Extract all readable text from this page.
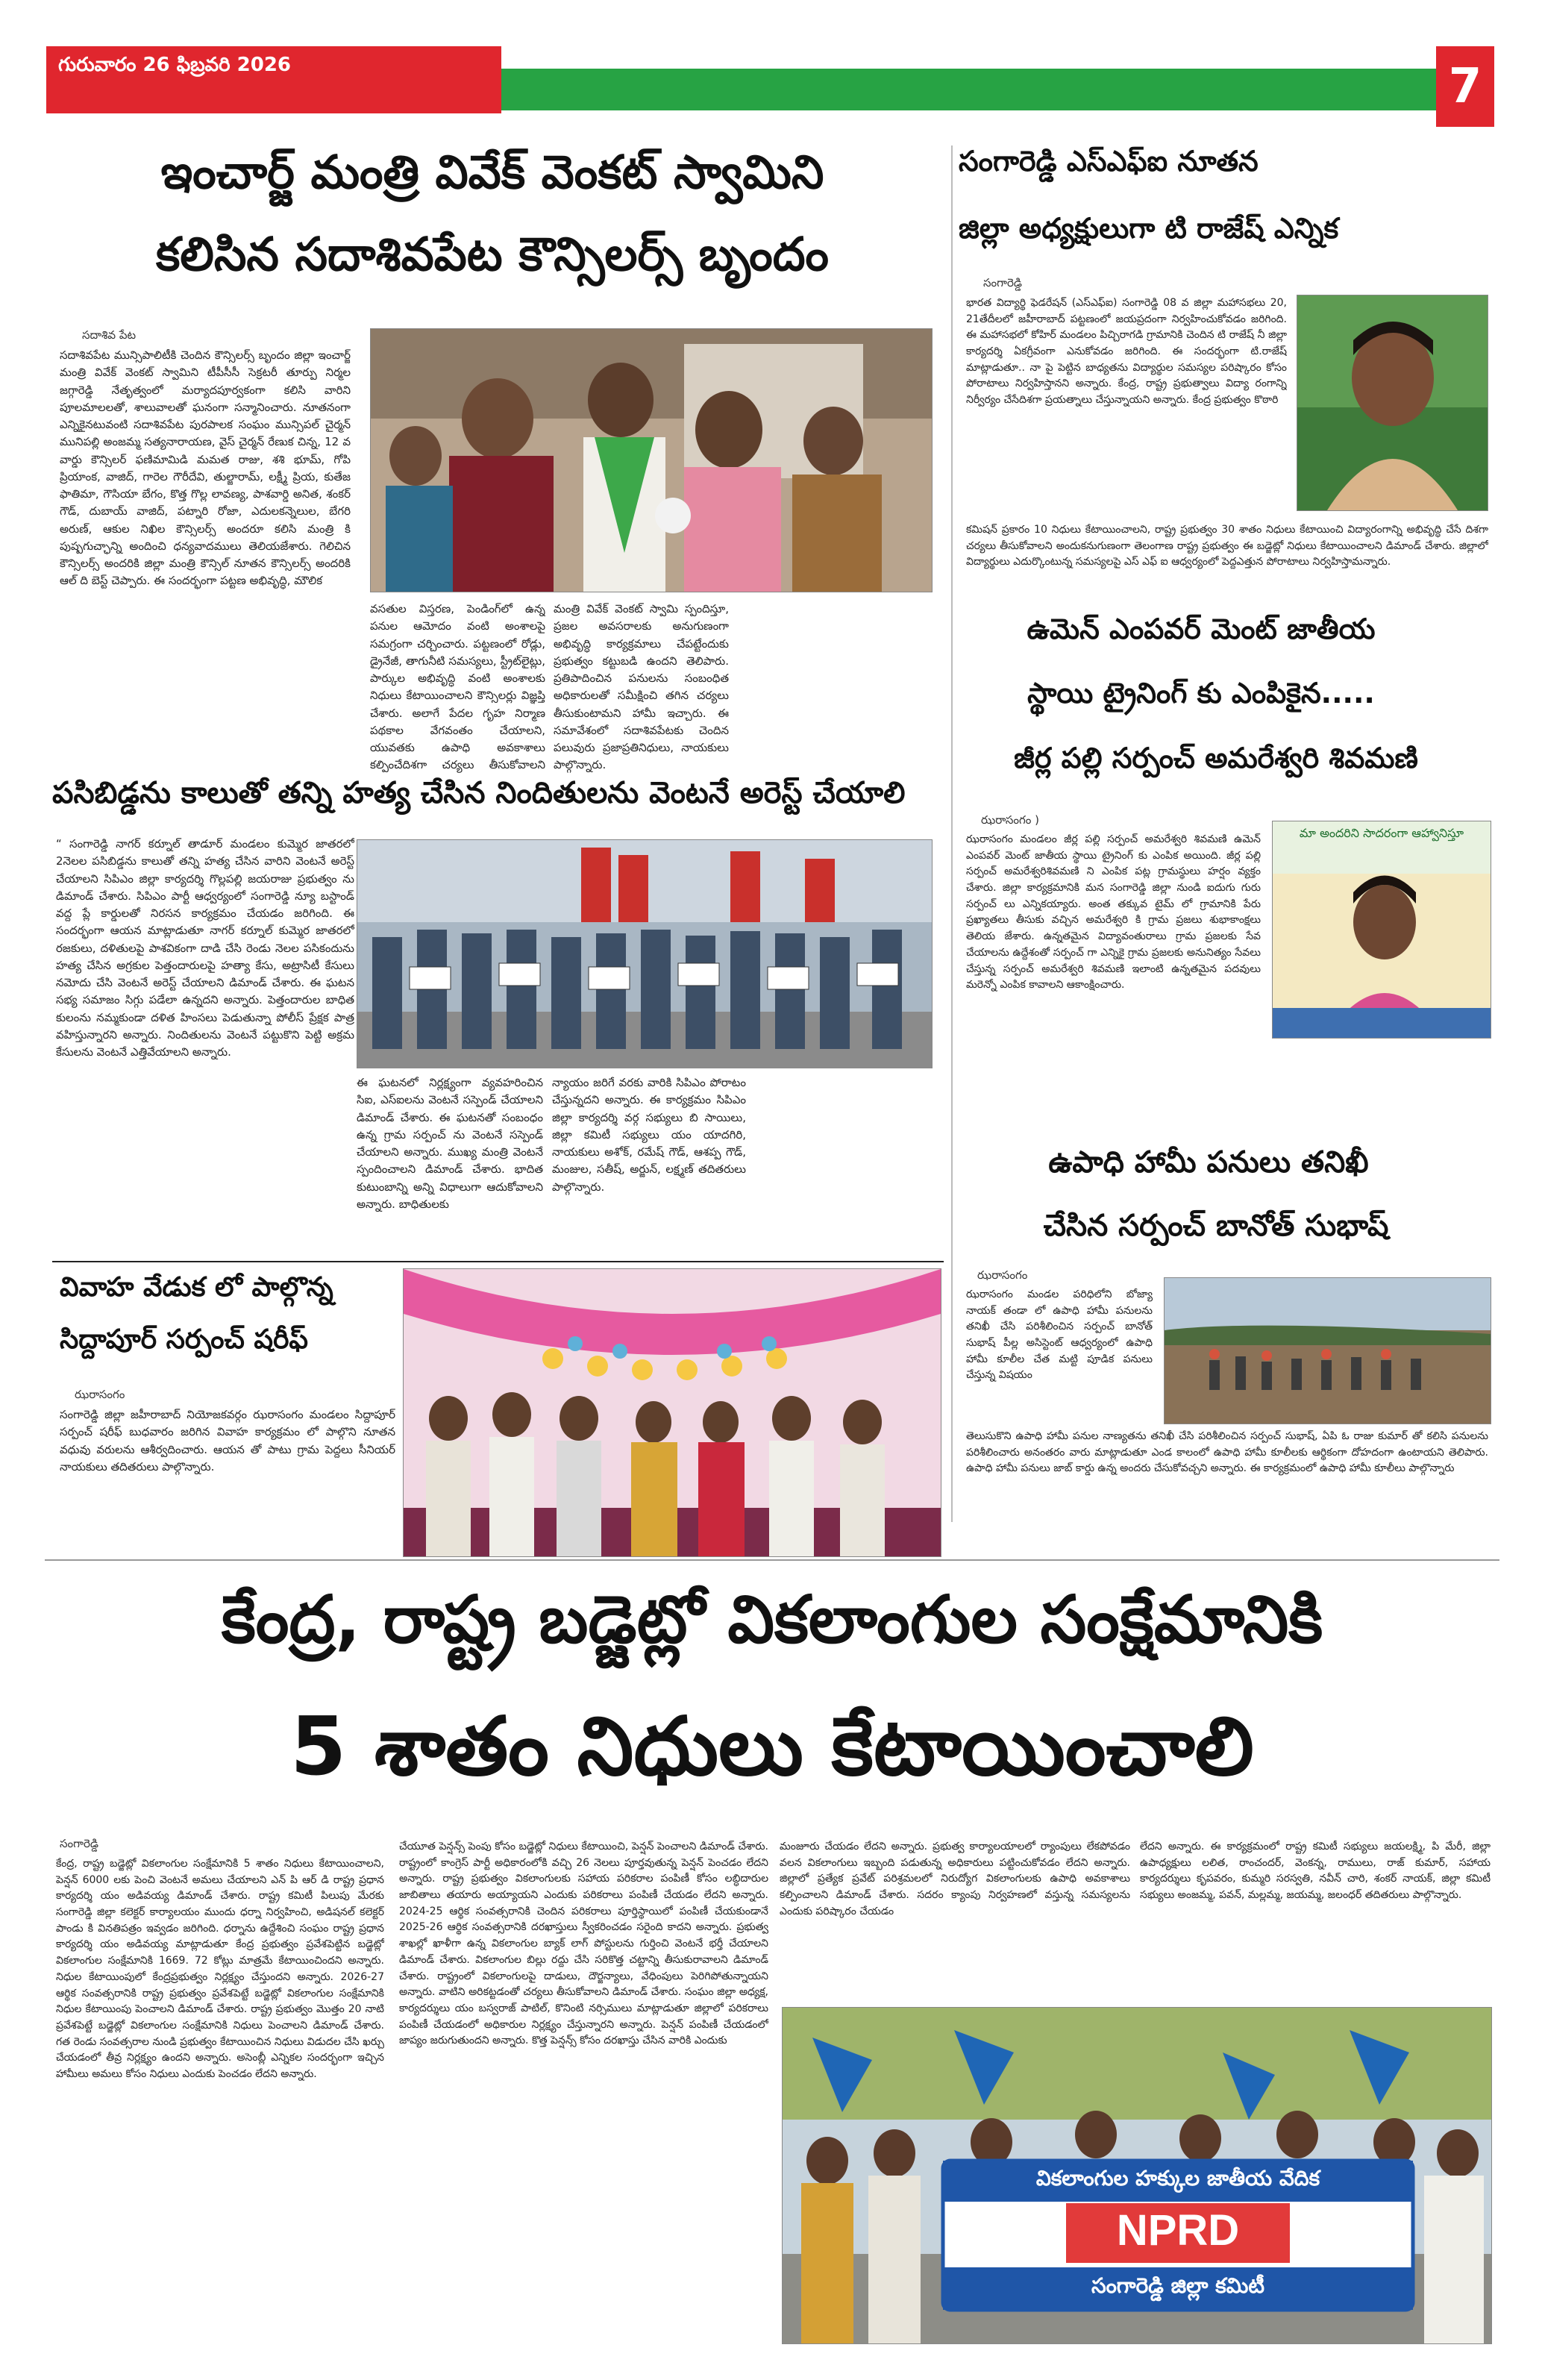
గురువారం 26 ఫిబ్రవరి 2026	7
ఇంచార్జ్ మంత్రి వివేక్ వెంకట్ స్వామిని
కలిసిన సదాశివపేట కౌన్సిలర్స్ బృందం
సదాశివ పేట
సదాశివపేట మున్సిపాలిటీకి చెందిన కౌన్సిలర్స్ బృందం జిల్లా ఇంచార్జ్ మంత్రి వివేక్ వెంకట్ స్వామిని టీపీసీసీ సెక్రటరీ తూర్పు నిర్మల జగ్గారెడ్డి నేతృత్వంలో మర్యాదపూర్వకంగా కలిసి వారిని పూలమాలలతో, శాలువాలతో ఘనంగా సన్మానించారు. నూతనంగా ఎన్నికైనటువంటి సదాశివపేట పురపాలక సంఘం మున్సిపల్ చైర్మన్ మునిపల్లి అంజమ్మ సత్యనారాయణ, వైస్ చైర్మన్ రేణుక చిన్న, 12 వ వార్డు కౌన్సిలర్ ఫణిమామిడి మమత రాజు, శశి భూమ్, గోపి ప్రియాంక, వాజిద్, గారెల గౌరీదేవి, తుల్జారామ్, లక్ష్మీ ప్రియ, కుతేజ ఫాతిమా, గౌసియా బేగం, కొత్త గొల్ల లావణ్య, పాశవార్డి అనిత, శంకర్ గౌడ్, దుబాయ్ వాజిద్, పట్నారి రోజా, ఎదులకన్నెలుల, బేగరి అరుణ్, ఆకుల నిఖిల కౌన్సిలర్స్ అందరూ కలిసి మంత్రి కి పుష్పగుచ్ఛాన్ని అందించి ధన్యవాదములు తెలియజేశారు. గెలిచిన కౌన్సిలర్స్ అందరికి జిల్లా మంత్రి కౌన్సిల్ నూతన కౌన్సిలర్స్ అందరికి ఆల్ ది బెస్ట్ చెప్పారు. ఈ సందర్భంగా పట్టణ అభివృద్ధి, మౌలిక
వసతుల విస్తరణ, పెండింగ్‌లో ఉన్న పనుల ఆమోదం వంటి అంశాలపై సమగ్రంగా చర్చించారు. పట్టణంలో రోడ్లు, డ్రైనేజీ, తాగునీటి సమస్యలు, స్ట్రీట్‌లైట్లు, పార్కుల అభివృద్ధి వంటి అంశాలకు నిధులు కేటాయించాలని కౌన్సిలర్లు విజ్ఞప్తి చేశారు. అలాగే పేదల గృహ నిర్మాణ పథకాల వేగవంతం చేయాలని, యువతకు ఉపాధి అవకాశాలు కల్పించేదిశగా చర్యలు తీసుకోవాలని
మంత్రి వివేక్ వెంకట్ స్వామి స్పందిస్తూ, ప్రజల అవసరాలకు అనుగుణంగా అభివృద్ధి కార్యక్రమాలు చేపట్టేందుకు ప్రభుత్వం కట్టుబడి ఉందని తెలిపారు. ప్రతిపాదించిన పనులను సంబంధిత అధికారులతో సమీక్షించి తగిన చర్యలు తీసుకుంటామని హామీ ఇచ్చారు. ఈ సమావేశంలో సదాశివపేటకు చెందిన పలువురు ప్రజాప్రతినిధులు, నాయకులు పాల్గొన్నారు.
పసిబిడ్డను కాలుతో తన్ని హత్య చేసిన నిందితులను వెంటనే అరెస్ట్ చేయాలి
“ సంగారెడ్డి నాగర్ కర్నూల్ తాడూర్ మండలం కుమ్మెర జాతరలో 2నెలల పసిబిడ్డను కాలుతో తన్ని హత్య చేసిన వారిని వెంటనే అరెస్ట్ చేయాలని సిపిఎం జిల్లా కార్యదర్శి గొల్లపల్లి జయరాజు ప్రభుత్వం ను డిమాండ్ చేశారు. సిపిఎం పార్టీ ఆధ్వర్యంలో సంగారెడ్డి న్యూ బస్టాండ్ వద్ద ప్లే కార్డులతో నిరసన కార్యక్రమం చేయడం జరిగింది. ఈ సందర్భంగా ఆయన మాట్లాడుతూ నాగర్ కర్నూల్ కుమ్మెర జాతరలో రజకులు, దళితులపై పాశవికంగా దాడి చేసి రెండు నెలల పసికందును హత్య చేసిన అగ్రకుల పెత్తందారులపై హత్యా కేసు, అట్రాసిటీ కేసులు నమోదు చేసి వెంటనే అరెస్ట్ చేయాలని డిమాండ్ చేశారు. ఈ ఘటన సభ్య సమాజం సిగ్గు పడేలా ఉన్నదని అన్నారు. పెత్తందారుల బాధిత కులంను నమ్మకుండా దళిత హింసలు పెడుతున్నా పోలీస్ ప్రేక్షక పాత్ర వహిస్తున్నారని అన్నారు. నిందితులను వెంటనే పట్టుకొని పెట్టి అక్రమ కేసులను వెంటనే ఎత్తివేయాలని అన్నారు.
ఈ ఘటనలో నిర్లక్ష్యంగా వ్యవహరించిన సిఐ, ఎస్ఐలను వెంటనే సస్పెండ్ చేయాలని డిమాండ్ చేశారు. ఈ ఘటనతో సంబంధం ఉన్న గ్రామ సర్పంచ్ ను వెంటనే సస్పెండ్ చేయాలని అన్నారు. ముఖ్య మంత్రి వెంటనే స్పందించాలని డిమాండ్ చేశారు. భాదిత కుటుంబాన్ని అన్ని విధాలుగా ఆదుకోవాలని అన్నారు. బాధితులకు
న్యాయం జరిగే వరకు వారికి సిపిఎం పోరాటం చేస్తున్నదని అన్నారు. ఈ కార్యక్రమం సిపిఎం జిల్లా కార్యదర్శి వర్గ సభ్యులు బి సాయిలు, జిల్లా కమిటీ సభ్యులు యం యాదగిరి, నాయకులు అశోక్, రమేష్ గౌడ్, ఆశప్ప గౌడ్, మంజుల, సతీష్, అర్జున్, లక్ష్మణ్ తదితరులు పాల్గొన్నారు.
వివాహ వేడుక లో పాల్గొన్న
సిద్దాపూర్ సర్పంచ్ షరీఫ్
ఝరాసంగం
సంగారెడ్డి జిల్లా జహీరాబాద్ నియోజకవర్గం ఝరాసంగం మండలం సిద్దాపూర్ సర్పంచ్ షరీఫ్ బుధవారం జరిగిన వివాహ కార్యక్రమం లో పాల్గొని నూతన వధువు వరులను ఆశీర్వదించారు. ఆయన తో పాటు గ్రామ పెద్దలు సీనియర్ నాయకులు తదితరులు పాల్గొన్నారు.
సంగారెడ్డి ఎస్ఎఫ్ఐ నూతన
జిల్లా అధ్యక్షులుగా టి రాజేష్ ఎన్నిక
సంగారెడ్డి
భారత విద్యార్థి ఫెడరేషన్ (ఎస్ఎఫ్ఐ) సంగారెడ్డి 08 వ జిల్లా మహాసభలు 20, 21తేదీలలో జహీరాబాద్ పట్టణంలో జయప్రదంగా నిర్వహించుకోవడం జరిగింది. ఈ మహాసభలో కోహిర్ మండలం పిచ్చిరాగడి గ్రామానికి చెందిన టి రాజేష్ నీ జిల్లా కార్యదర్శి ఏకగ్రీవంగా ఎనుకోవడం జరిగింది. ఈ సందర్భంగా టి.రాజేష్ మాట్లాడుతూ.. నా పై పెట్టిన బాధ్యతను విద్యార్థుల సమస్యల పరిష్కారం కోసం పోరాటాలు నిర్వహిస్తానని అన్నారు. కేంద్ర, రాష్ట్ర ప్రభుత్వాలు విద్యా రంగాన్ని నిర్వీర్యం చేసేదిశగా ప్రయత్నాలు చేస్తున్నాయని అన్నారు. కేంద్ర ప్రభుత్వం కొఠారి
కమిషన్ ప్రకారం 10 నిధులు కేటాయించాలని, రాష్ట్ర ప్రభుత్వం 30 శాతం నిధులు కేటాయించి విద్యారంగాన్ని అభివృద్ధి చేసే దిశగా చర్యలు తీసుకోవాలని అందుకనుగుణంగా తెలంగాణ రాష్ట్ర ప్రభుత్వం ఈ బడ్జెట్లో నిధులు కేటాయించాలని డిమాండ్ చేశారు. జిల్లాలో విద్యార్థులు ఎదుర్కొంటున్న సమస్యలపై ఎస్ ఎఫ్ ఐ ఆధ్వర్యంలో పెద్దఎత్తున పోరాటాలు నిర్వహిస్తామన్నారు.
ఉమెన్ ఎంపవర్ మెంట్ జాతీయ
స్థాయి ట్రైనింగ్ కు ఎంపికైన.....
జీర్ల పల్లి సర్పంచ్ అమరేశ్వరి శివమణి
ఝరాసంగం )
ఝరాసంగం మండలం జీర్ల పల్లి సర్పంచ్ అమరేశ్వరి శివమణి ఉమెన్ ఎంపవర్ మెంట్ జాతీయ స్థాయి ట్రైనింగ్ కు ఎంపిక అయింది. జీర్ల పల్లి సర్పంచ్ అమరేశ్వరిశివమణి ని ఎంపిక పట్ల గ్రామస్థులు హర్షం వ్యక్తం చేశారు. జిల్లా కార్యక్రమానికి మన సంగారెడ్డి జిల్లా నుండి ఐదుగు గురు సర్పంచ్ లు ఎన్నికయ్యారు. అంత తక్కువ టైమ్ లో గ్రామానికి పేరు ప్రఖ్యాతలు తీసుకు వచ్చిన అమరేశ్వరి కి గ్రామ ప్రజలు శుభాకాంక్షలు తెలియ జేశారు. ఉన్నతమైన విద్యావంతురాలు గ్రామ ప్రజలకు సేవ చేయాలను ఉద్దేశంతో సర్పంచ్ గా ఎన్నికై గ్రామ ప్రజలకు అనునిత్యం సేవలు చేస్తున్న సర్పంచ్ అమరేశ్వరి శివమణి ఇలాంటి ఉన్నతమైన పదవులు మరెన్నో ఎంపిక కావాలని ఆకాంక్షించారు.
మా అందరిని సాదరంగా ఆహ్వానిస్తూ
ఉపాధి హామీ పనులు తనిఖీ
చేసిన సర్పంచ్ బానోత్ సుభాష్
ఝరాసంగం
ఝరాసంగం మండల పరిధిలోని బోజ్యా నాయక్ తండా లో ఉపాధి హామీ పనులను తనిఖీ చేసి పరిశీలించిన సర్పంచ్ బానోత్ సుభాష్ పీల్ల అసిస్టెంట్ ఆధ్వర్యంలో ఉపాధి హామీ కూలీల చేత మట్టి పూడిక పనులు చేస్తున్న విషయం
తెలుసుకొని ఉపాధి హామీ పనుల నాణ్యతను తనిఖీ చేసి పరిశీలించిన సర్పంచ్ సుభాష్, ఏపి ఓ రాజు కుమార్ తో కలిసి పనులను పరిశీలించారు అనంతరం వారు మాట్లాడుతూ ఎండ కాలంలో ఉపాధి హామీ కూలీలకు ఆర్థికంగా దోహదంగా ఉంటాయని తెలిపారు. ఉపాధి హామీ పనులు జాబ్ కార్డు ఉన్న అందరు చేసుకోవచ్చని అన్నారు. ఈ కార్యక్రమంలో ఉపాధి హామీ కూలీలు పాల్గొన్నారు
కేంద్ర, రాష్ట్ర బడ్జెట్లో వికలాంగుల సంక్షేమానికి
5 శాతం నిధులు కేటాయించాలి
సంగారెడ్డి
కేంద్ర, రాష్ట్ర బడ్జెట్లో వికలాంగుల సంక్షేమానికి 5 శాతం నిధులు కేటాయించాలని, పెన్షన్ 6000 లకు పెంచి వెంటనే అమలు చేయాలని ఎన్ పి ఆర్ డి రాష్ట్ర ప్రధాన కార్యదర్శి యం అడివయ్య డిమాండ్ చేశారు. రాష్ట్ర కమిటీ పిలుపు మేరకు సంగారెడ్డి జిల్లా కలెక్టర్ కార్యాలయం ముందు ధర్నా నిర్వహించి, అడిషనల్ కలెక్టర్ పాండు కి వినతిపత్రం ఇవ్వడం జరిగింది. ధర్నాను ఉద్దేశించి సంఘం రాష్ట్ర ప్రధాన కార్యదర్శి యం అడివయ్య మాట్లాడుతూ కేంద్ర ప్రభుత్వం ప్రవేశపెట్టిన బడ్జెట్లో వికలాంగుల సంక్షేమానికి 1669. 72 కోట్లు మాత్రమే కేటాయించిందని అన్నారు. నిధుల కేటాయింపులో కేంద్రప్రభుత్వం నిర్లక్ష్యం చేస్తుందని అన్నారు. 2026-27 ఆర్థిక సంవత్సరానికి రాష్ట్ర ప్రభుత్వం ప్రవేశపెట్టే బడ్జెట్లో వికలాంగుల సంక్షేమానికి నిధుల కేటాయింపు పెంచాలని డిమాండ్ చేశారు. రాష్ట్ర ప్రభుత్వం మొత్తం 20 నాటి ప్రవేశపెట్టే బడ్జెట్లో వికలాంగుల సంక్షేమానికి నిధులు పెంచాలని డిమాండ్ చేశారు. గత రెండు సంవత్సరాల నుండి ప్రభుత్వం కేటాయించిన నిధులు విడుదల చేసి ఖర్చు చేయడంలో తీవ్ర నిర్లక్ష్యం ఉందని అన్నారు. అసెంబ్లీ ఎన్నికల సందర్భంగా ఇచ్చిన హామీలు అమలు కోసం నిధులు ఎందుకు పెంచడం లేదని అన్నారు.
చేయూత పెన్షన్స్ పెంపు కోసం బడ్జెట్లో నిధులు కేటాయించి, పెన్షన్ పెంచాలని డిమాండ్ చేశారు. రాష్ట్రంలో కాంగ్రెస్ పార్టీ అధికారంలోకి వచ్చి 26 నెలలు పూర్తవుతున్న పెన్షన్ పెంచడం లేదని అన్నారు. రాష్ట్ర ప్రభుత్వం వికలాంగులకు సహాయ పరికరాల పంపిణీ కోసం లబ్ధిదారుల జాబితాలు తయారు అయ్యాయని ఎందుకు పరికరాలు పంపిణీ చేయడం లేదని అన్నారు. 2024-25 ఆర్థిక సంవత్సరానికి చెందిన పరికరాలు పూర్తిస్థాయిలో పంపిణీ చేయకుండానే 2025-26 ఆర్థిక సంవత్సరానికి దరఖాస్తులు స్వీకరించడం సరైంది కాదని అన్నారు. ప్రభుత్వ శాఖల్లో ఖాళీగా ఉన్న వికలాంగుల బ్యాక్ లాగ్ పోస్టులను గుర్తించి వెంటనే భర్తీ చేయాలని డిమాండ్ చేశారు. వికలాంగుల బిల్లు రద్దు చేసి సరికొత్త చట్టాన్ని తీసుకురావాలని డిమాండ్ చేశారు. రాష్ట్రంలో వికలాంగులపై దాడులు, దౌర్జన్యాలు, వేధింపులు పెరిగిపోతున్నాయని అన్నారు. వాటిని అరికట్టడంతో చర్యలు తీసుకోవాలని డిమాండ్ చేశారు. సంఘం జిల్లా అధ్యక్ష, కార్యదర్శులు యం బస్వరాజ్ పాటిల్, కొనింటి నర్సిములు మాట్లాడుతూ జిల్లాలో పరికరాలు పంపిణీ చేయడంలో అధికారుల నిర్లక్ష్యం చేస్తున్నారని అన్నారు. పెన్షన్ పంపిణీ చేయడంలో జాప్యం జరుగుతుందని అన్నారు. కొత్త పెన్షన్స్ కోసం దరఖాస్తు చేసిన వారికి ఎందుకు
మంజూరు చేయడం లేదని అన్నారు. ప్రభుత్వ కార్యాలయాలలో ర్యాంపులు లేకపోవడం వలన వికలాంగులు ఇబ్బంది పడుతున్న అధికారులు పట్టించుకోవడం లేదని అన్నారు. జిల్లాలో ప్రత్యేక ప్రవేట్ పరిశ్రమలలో నిరుద్యోగ వికలాంగులకు ఉపాధి అవకాశాలు కల్పించాలని డిమాండ్ చేశారు. సదరం క్యాంపు నిర్వహణలో వస్తున్న సమస్యలను ఎందుకు పరిష్కారం చేయడం
లేదని అన్నారు. ఈ కార్యక్రమంలో రాష్ట్ర కమిటీ సభ్యులు జయలక్ష్మి, పి మేరీ, జిల్లా ఉపాధ్యక్షులు లలిత, రాంచందర్, వెంకన్న, రాములు, రాజ్ కుమార్, సహాయ కార్యదర్శులు కృపవరం, కుమ్మరి సరస్వతి, నవీన్ చారి, శంకర్ నాయక్, జిల్లా కమిటీ సభ్యులు అంజమ్మ, పవన్, మల్లమ్మ, జయమ్మ, జలంధర్ తదితరులు పాల్గొన్నారు.
వికలాంగుల హక్కుల జాతీయ వేదిక
NPRD
సంగారెడ్డి జిల్లా కమిటీ
